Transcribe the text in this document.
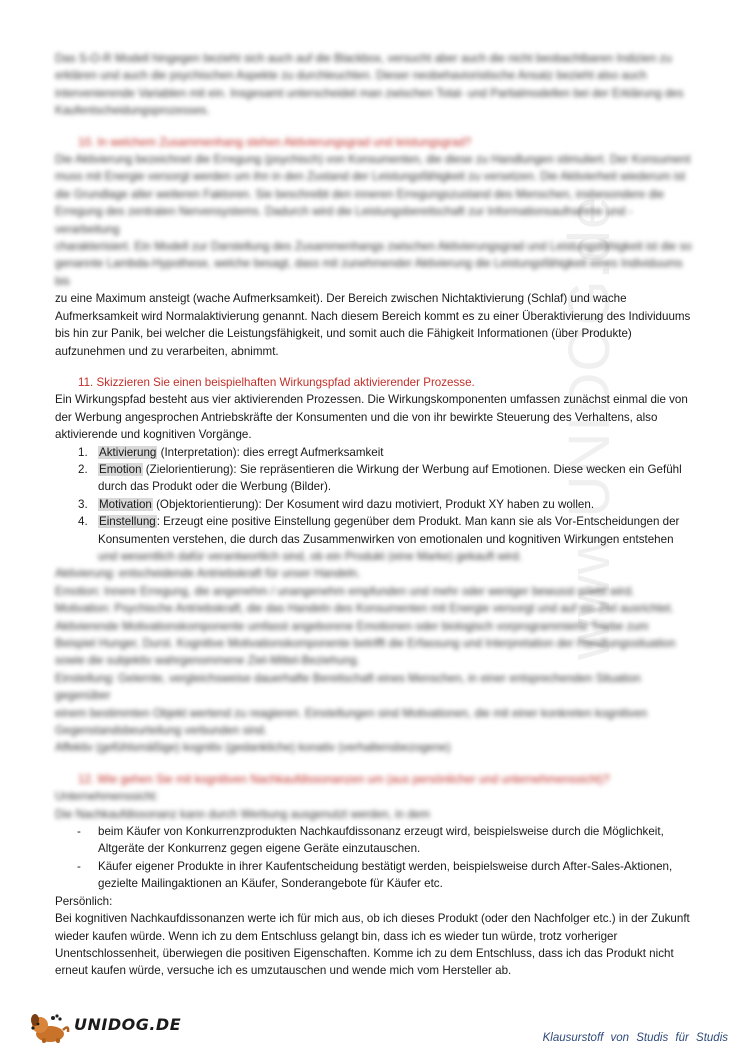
www.UNIDOG.de

Das S-O-R Modell hingegen bezieht sich auch auf die Blackbox, versucht aber auch die nicht beobachtbaren Indizien zu

erklären und auch die psychischen Aspekte zu durchleuchten. Dieser neobehavioristische Ansatz bezieht also auch

intervenierende Variablen mit ein. Insgesamt unterscheidet man zwischen Total- und Partialmodellen bei der Erklärung des

Kaufentscheidungsprozesses.

10. In welchem Zusammenhang stehen Aktivierungsgrad und leistungsgrad?

Die Aktivierung bezeichnet die Erregung (psychisch) von Konsumenten, die diese zu Handlungen stimuliert. Der Konsument

muss mit Energie versorgt werden um ihn in den Zustand der Leistungsfähigkeit zu versetzen. Die Aktivierheit wiederum ist

die Grundlage aller weiteren Faktoren. Sie beschreibt den inneren Erregungszustand des Menschen, insbesondere die

Erregung des zentralen Nervensystems. Dadurch wird die Leistungsbereitschaft zur Informationsaufnahme und -verarbeitung

charakterisiert. Ein Modell zur Darstellung des Zusammenhangs zwischen Aktivierungsgrad und Leistungsfähigkeit ist die so

genannte Lambda-Hypothese, welche besagt, dass mit zunehmender Aktivierung die Leistungsfähigkeit eines Individuums bis

zu eine Maximum ansteigt (wache Aufmerksamkeit). Der Bereich zwischen Nichtaktivierung (Schlaf) und wache

Aufmerksamkeit wird Normalaktivierung genannt. Nach diesem Bereich kommt es zu einer Überaktivierung des Individuums

bis hin zur Panik, bei welcher die Leistungsfähigkeit, und somit auch die Fähigkeit Informationen (über Produkte)

aufzunehmen und zu verarbeiten, abnimmt.

11. Skizzieren Sie einen beispielhaften Wirkungspfad aktivierender Prozesse.

Ein Wirkungspfad besteht aus vier aktivierenden Prozessen. Die Wirkungskomponenten umfassen zunächst einmal die von

der Werbung angesprochen Antriebskräfte der Konsumenten und die von ihr bewirkte Steuerung des Verhaltens, also

aktivierende und kognitiven Vorgänge.

1. Aktivierung (Interpretation): dies erregt Aufmerksamkeit
2. Emotion (Zielorientierung): Sie repräsentieren die Wirkung der Werbung auf Emotionen. Diese wecken ein Gefühl
durch das Produkt oder die Werbung (Bilder).
3. Motivation (Objektorientierung): Der Kosument wird dazu motiviert, Produkt XY haben zu wollen.
4. Einstellung: Erzeugt eine positive Einstellung gegenüber dem Produkt. Man kann sie als Vor-Entscheidungen der
Konsumenten verstehen, die durch das Zusammenwirken von emotionalen und kognitiven Wirkungen entstehen
und wesentlich dafür verantwortlich sind, ob ein Produkt (eine Marke) gekauft wird.

Aktivierung: entscheidende Antriebskraft für unser Handeln.

Emotion: Innere Erregung, die angenehm / unangenehm empfunden und mehr oder weniger bewusst erlebt wird.

Motivation: Psychische Antriebskraft, die das Handeln des Konsumenten mit Energie versorgt und auf ein Ziel ausrichtet.

Aktivierende Motivationskomponente umfasst angeborene Emotionen oder biologisch vorprogrammierte Triebe zum

Beispiel Hunger, Durst. Kognitive Motivationskomponente betrifft die Erfassung und Interpretation der Handlungssituation

sowie die subjektiv wahrgenommene Ziel-Mittel-Beziehung.

Einstellung: Gelernte, vergleichsweise dauerhafte Bereitschaft eines Menschen, in einer entsprechenden Situation gegenüber

einem bestimmten Objekt wertend zu reagieren. Einstellungen sind Motivationen, die mit einer konkreten kognitiven

Gegenstandsbeurteilung verbunden sind.

Affektiv (gefühlsmäßige) kognitiv (gedankliche) konativ (verhaltensbezogene)

12. Wie gehen Sie mit kognitiven Nachkaufdissonanzen um (aus persönlicher und unternehmenssicht)?

Unternehmenssicht:

Die Nachkaufdissonanz kann durch Werbung ausgenutzt werden, in dem

- beim Käufer von Konkurrenzprodukten Nachkaufdissonanz erzeugt wird, beispielsweise durch die Möglichkeit,
Altgeräte der Konkurrenz gegen eigene Geräte einzutauschen.
- Käufer eigener Produkte in ihrer Kaufentscheidung bestätigt werden, beispielsweise durch After-Sales-Aktionen,
gezielte Mailingaktionen an Käufer, Sonderangebote für Käufer etc.

Persönlich:

Bei kognitiven Nachkaufdissonanzen werte ich für mich aus, ob ich dieses Produkt (oder den Nachfolger etc.) in der Zukunft

wieder kaufen würde. Wenn ich zu dem Entschluss gelangt bin, dass ich es wieder tun würde, trotz vorheriger

Unentschlossenheit, überwiegen die positiven Eigenschaften. Komme ich zu dem Entschluss, dass ich das Produkt nicht

erneut kaufen würde, versuche ich es umzutauschen und wende mich vom Hersteller ab.

UNIDOG.DE
Klausurstoff von Studis für Studis
